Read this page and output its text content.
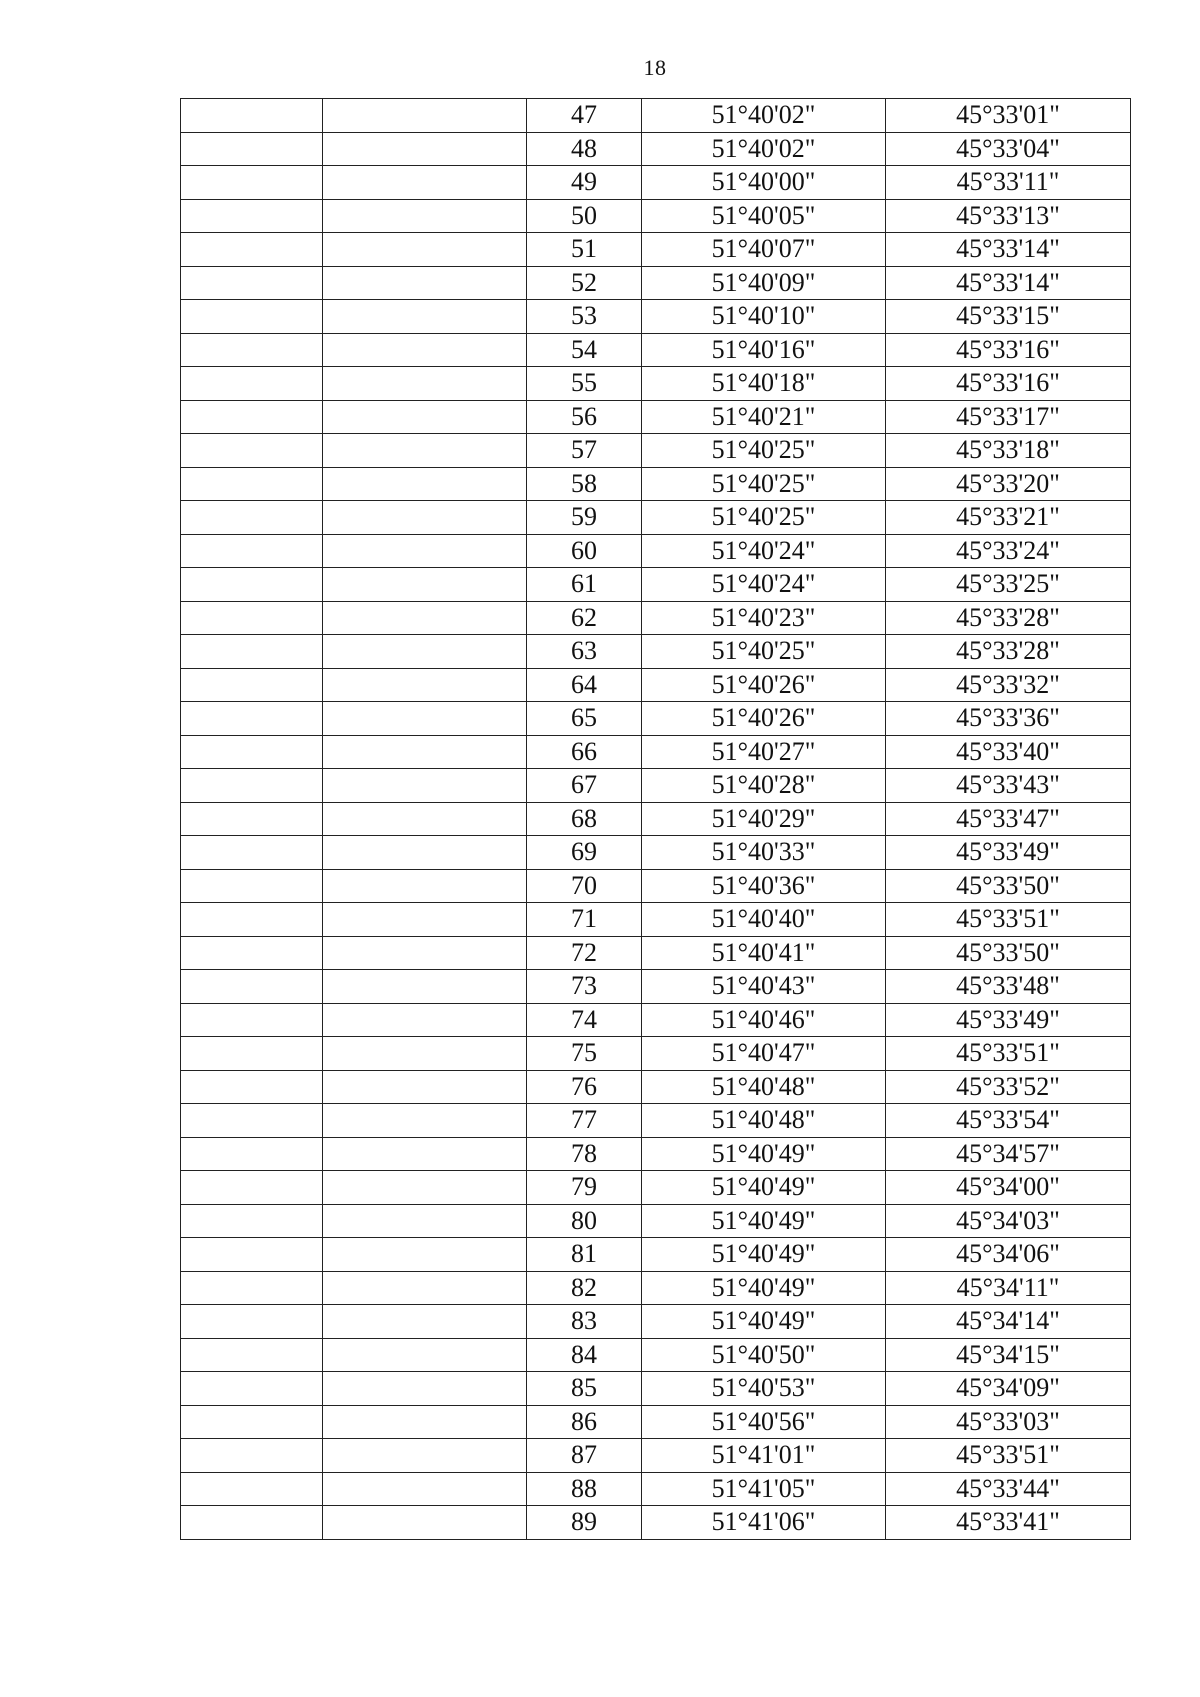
18
		47	51°40'02"	45°33'01"
		48	51°40'02"	45°33'04"
		49	51°40'00"	45°33'11"
		50	51°40'05"	45°33'13"
		51	51°40'07"	45°33'14"
		52	51°40'09"	45°33'14"
		53	51°40'10"	45°33'15"
		54	51°40'16"	45°33'16"
		55	51°40'18"	45°33'16"
		56	51°40'21"	45°33'17"
		57	51°40'25"	45°33'18"
		58	51°40'25"	45°33'20"
		59	51°40'25"	45°33'21"
		60	51°40'24"	45°33'24"
		61	51°40'24"	45°33'25"
		62	51°40'23"	45°33'28"
		63	51°40'25"	45°33'28"
		64	51°40'26"	45°33'32"
		65	51°40'26"	45°33'36"
		66	51°40'27"	45°33'40"
		67	51°40'28"	45°33'43"
		68	51°40'29"	45°33'47"
		69	51°40'33"	45°33'49"
		70	51°40'36"	45°33'50"
		71	51°40'40"	45°33'51"
		72	51°40'41"	45°33'50"
		73	51°40'43"	45°33'48"
		74	51°40'46"	45°33'49"
		75	51°40'47"	45°33'51"
		76	51°40'48"	45°33'52"
		77	51°40'48"	45°33'54"
		78	51°40'49"	45°34'57"
		79	51°40'49"	45°34'00"
		80	51°40'49"	45°34'03"
		81	51°40'49"	45°34'06"
		82	51°40'49"	45°34'11"
		83	51°40'49"	45°34'14"
		84	51°40'50"	45°34'15"
		85	51°40'53"	45°34'09"
		86	51°40'56"	45°33'03"
		87	51°41'01"	45°33'51"
		88	51°41'05"	45°33'44"
		89	51°41'06"	45°33'41"
